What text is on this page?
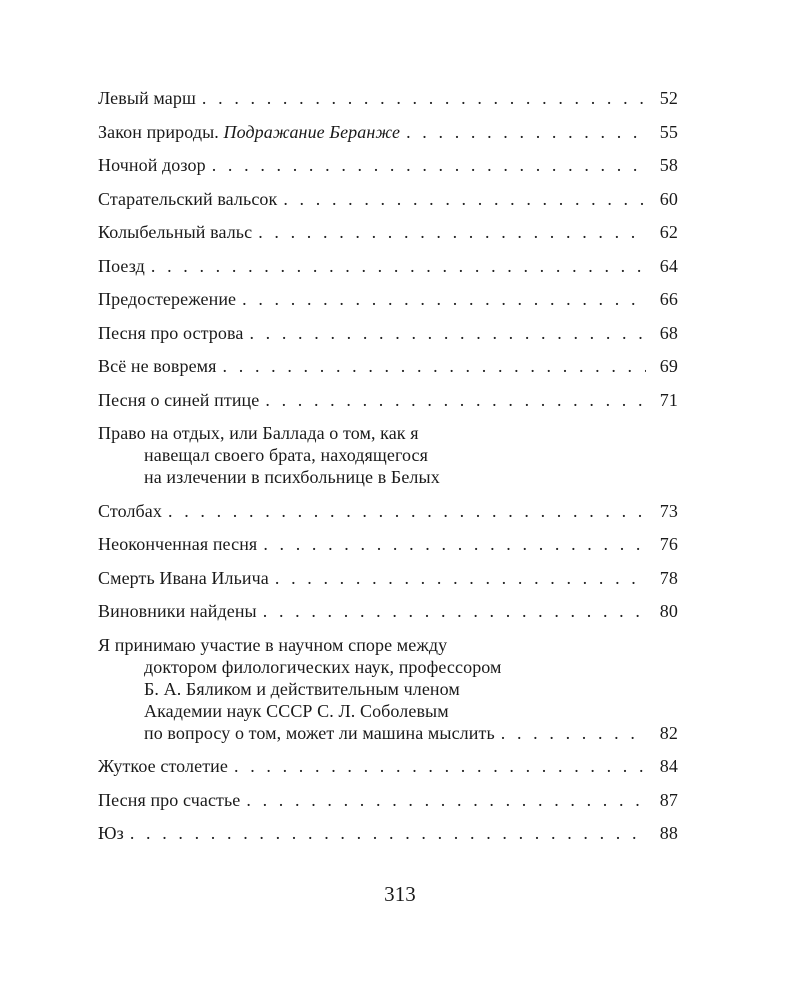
Левый марш . . .	52
Закон природы. Подражание Беранже . . .	55
Ночной дозор . . .	58
Старательский вальсок . . .	60
Колыбельный вальс . . .	62
Поезд . . .	64
Предостережение . . .	66
Песня про острова . . .	68
Всё не вовремя . . .	69
Песня о синей птице . . .	71
Право на отдых, или Баллада о том, как я
навещал своего брата, находящегося
на излечении в психбольнице в Белых
Столбах . . .	73
Неоконченная песня . . .	76
Смерть Ивана Ильича . . .	78
Виновники найдены . . .	80
Я принимаю участие в научном споре между
доктором филологических наук, профессором
Б. А. Бяликом и действительным членом
Академии наук СССР С. Л. Соболевым
по вопросу о том, может ли машина мыслить . . .	82
Жуткое столетие . . .	84
Песня про счастье . . .	87
Юз . . .	88
313
